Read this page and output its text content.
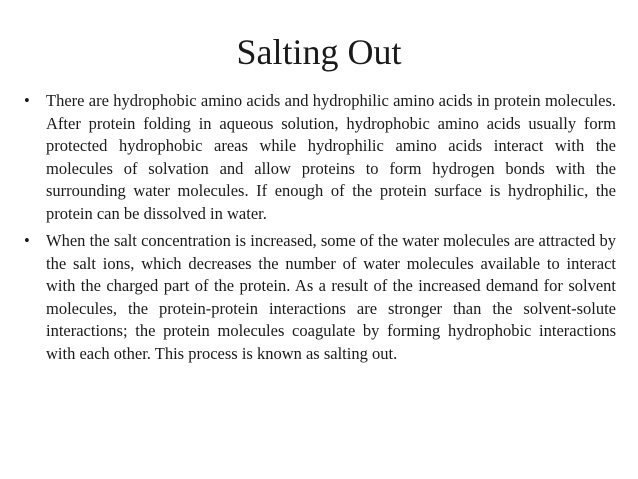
Salting Out
• There are hydrophobic amino acids and hydrophilic amino acids in protein molecules. After protein folding in aqueous solution, hydrophobic amino acids usually form protected hydrophobic areas while hydrophilic amino acids interact with the molecules of solvation and allow proteins to form hydrogen bonds with the surrounding water molecules. If enough of the protein surface is hydrophilic, the protein can be dissolved in water.
• When the salt concentration is increased, some of the water molecules are attracted by the salt ions, which decreases the number of water molecules available to interact with the charged part of the protein. As a result of the increased demand for solvent molecules, the protein-protein interactions are stronger than the solvent-solute interactions; the protein molecules coagulate by forming hydrophobic interactions with each other. This process is known as salting out.
